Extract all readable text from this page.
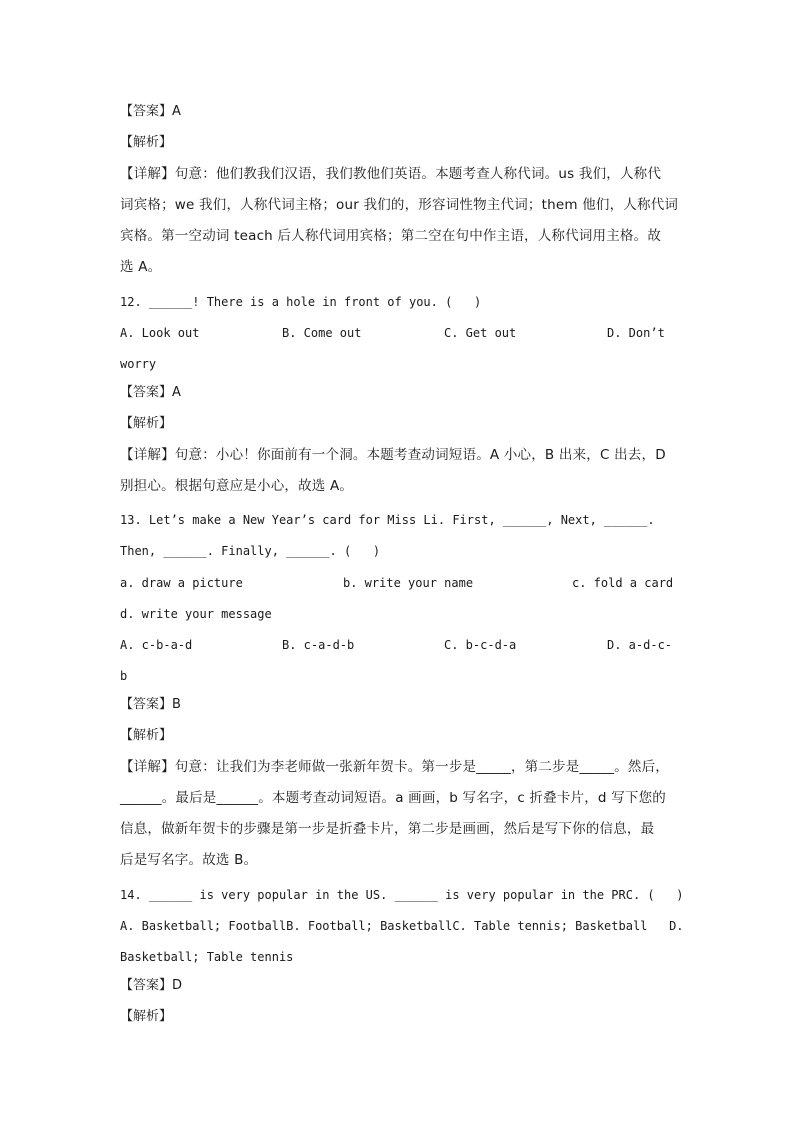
【答案】A
【解析】
【详解】句意：他们教我们汉语，我们教他们英语。本题考查人称代词。us 我们，人称代
词宾格；we 我们，人称代词主格；our 我们的，形容词性物主代词；them 他们，人称代词
宾格。第一空动词 teach 后人称代词用宾格；第二空在句中作主语，人称代词用主格。故
选 A。
12. ______! There is a hole in front of you. (   )
A. Look out	B. Come out	C. Get out	D. Don’t
worry
【答案】A
【解析】
【详解】句意：小心！你面前有一个洞。本题考查动词短语。A 小心，B 出来，C 出去，D
别担心。根据句意应是小心，故选 A。
13. Let’s make a New Year’s card for Miss Li. First, ______, Next, ______.
Then, ______. Finally, ______. (   )
a. draw a picture	b. write your name	c. fold a card
d. write your message
A. c-b-a-d	B. c-a-d-b	C. b-c-d-a	D. a-d-c-
b
【答案】B
【解析】
【详解】句意：让我们为李老师做一张新年贺卡。第一步是_____，第二步是_____。然后，
______。最后是______。本题考查动词短语。a 画画，b 写名字，c 折叠卡片，d 写下您的
信息，做新年贺卡的步骤是第一步是折叠卡片，第二步是画画，然后是写下你的信息，最
后是写名字。故选 B。
14. ______ is very popular in the US. ______ is very popular in the PRC. (   )
A. Basketball; FootballB. Football; BasketballC. Table tennis; Basketball   D.
Basketball; Table tennis
【答案】D
【解析】
